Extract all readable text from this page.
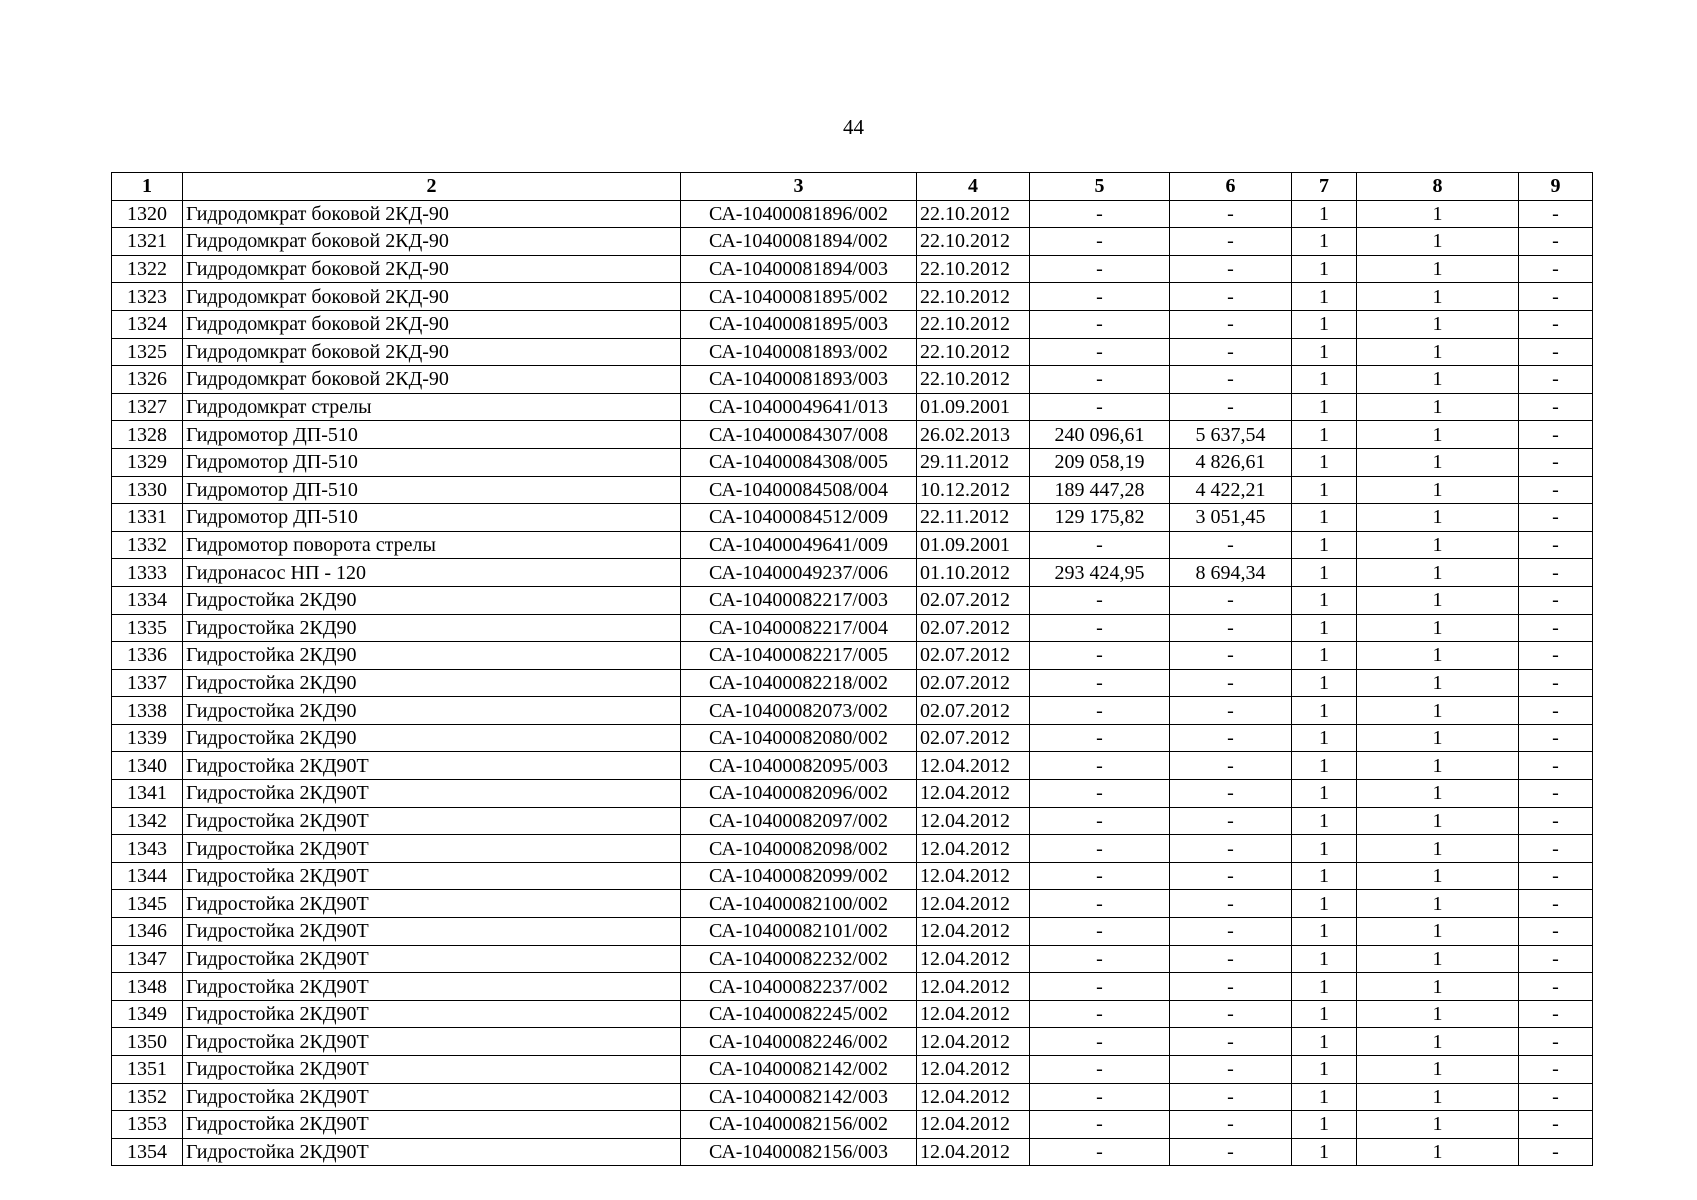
44
1	2	3	4	5	6	7	8	9
1320	Гидродомкрат боковой 2КД-90	СА-10400081896/002	22.10.2012	-	-	1	1	-
1321	Гидродомкрат боковой 2КД-90	СА-10400081894/002	22.10.2012	-	-	1	1	-
1322	Гидродомкрат боковой 2КД-90	СА-10400081894/003	22.10.2012	-	-	1	1	-
1323	Гидродомкрат боковой 2КД-90	СА-10400081895/002	22.10.2012	-	-	1	1	-
1324	Гидродомкрат боковой 2КД-90	СА-10400081895/003	22.10.2012	-	-	1	1	-
1325	Гидродомкрат боковой 2КД-90	СА-10400081893/002	22.10.2012	-	-	1	1	-
1326	Гидродомкрат боковой 2КД-90	СА-10400081893/003	22.10.2012	-	-	1	1	-
1327	Гидродомкрат стрелы	СА-10400049641/013	01.09.2001	-	-	1	1	-
1328	Гидромотор ДП-510	СА-10400084307/008	26.02.2013	240 096,61	5 637,54	1	1	-
1329	Гидромотор ДП-510	СА-10400084308/005	29.11.2012	209 058,19	4 826,61	1	1	-
1330	Гидромотор ДП-510	СА-10400084508/004	10.12.2012	189 447,28	4 422,21	1	1	-
1331	Гидромотор ДП-510	СА-10400084512/009	22.11.2012	129 175,82	3 051,45	1	1	-
1332	Гидромотор поворота стрелы	СА-10400049641/009	01.09.2001	-	-	1	1	-
1333	Гидронасос НП - 120	СА-10400049237/006	01.10.2012	293 424,95	8 694,34	1	1	-
1334	Гидростойка 2КД90	СА-10400082217/003	02.07.2012	-	-	1	1	-
1335	Гидростойка 2КД90	СА-10400082217/004	02.07.2012	-	-	1	1	-
1336	Гидростойка 2КД90	СА-10400082217/005	02.07.2012	-	-	1	1	-
1337	Гидростойка 2КД90	СА-10400082218/002	02.07.2012	-	-	1	1	-
1338	Гидростойка 2КД90	СА-10400082073/002	02.07.2012	-	-	1	1	-
1339	Гидростойка 2КД90	СА-10400082080/002	02.07.2012	-	-	1	1	-
1340	Гидростойка 2КД90Т	СА-10400082095/003	12.04.2012	-	-	1	1	-
1341	Гидростойка 2КД90Т	СА-10400082096/002	12.04.2012	-	-	1	1	-
1342	Гидростойка 2КД90Т	СА-10400082097/002	12.04.2012	-	-	1	1	-
1343	Гидростойка 2КД90Т	СА-10400082098/002	12.04.2012	-	-	1	1	-
1344	Гидростойка 2КД90Т	СА-10400082099/002	12.04.2012	-	-	1	1	-
1345	Гидростойка 2КД90Т	СА-10400082100/002	12.04.2012	-	-	1	1	-
1346	Гидростойка 2КД90Т	СА-10400082101/002	12.04.2012	-	-	1	1	-
1347	Гидростойка 2КД90Т	СА-10400082232/002	12.04.2012	-	-	1	1	-
1348	Гидростойка 2КД90Т	СА-10400082237/002	12.04.2012	-	-	1	1	-
1349	Гидростойка 2КД90Т	СА-10400082245/002	12.04.2012	-	-	1	1	-
1350	Гидростойка 2КД90Т	СА-10400082246/002	12.04.2012	-	-	1	1	-
1351	Гидростойка 2КД90Т	СА-10400082142/002	12.04.2012	-	-	1	1	-
1352	Гидростойка 2КД90Т	СА-10400082142/003	12.04.2012	-	-	1	1	-
1353	Гидростойка 2КД90Т	СА-10400082156/002	12.04.2012	-	-	1	1	-
1354	Гидростойка 2КД90Т	СА-10400082156/003	12.04.2012	-	-	1	1	-
